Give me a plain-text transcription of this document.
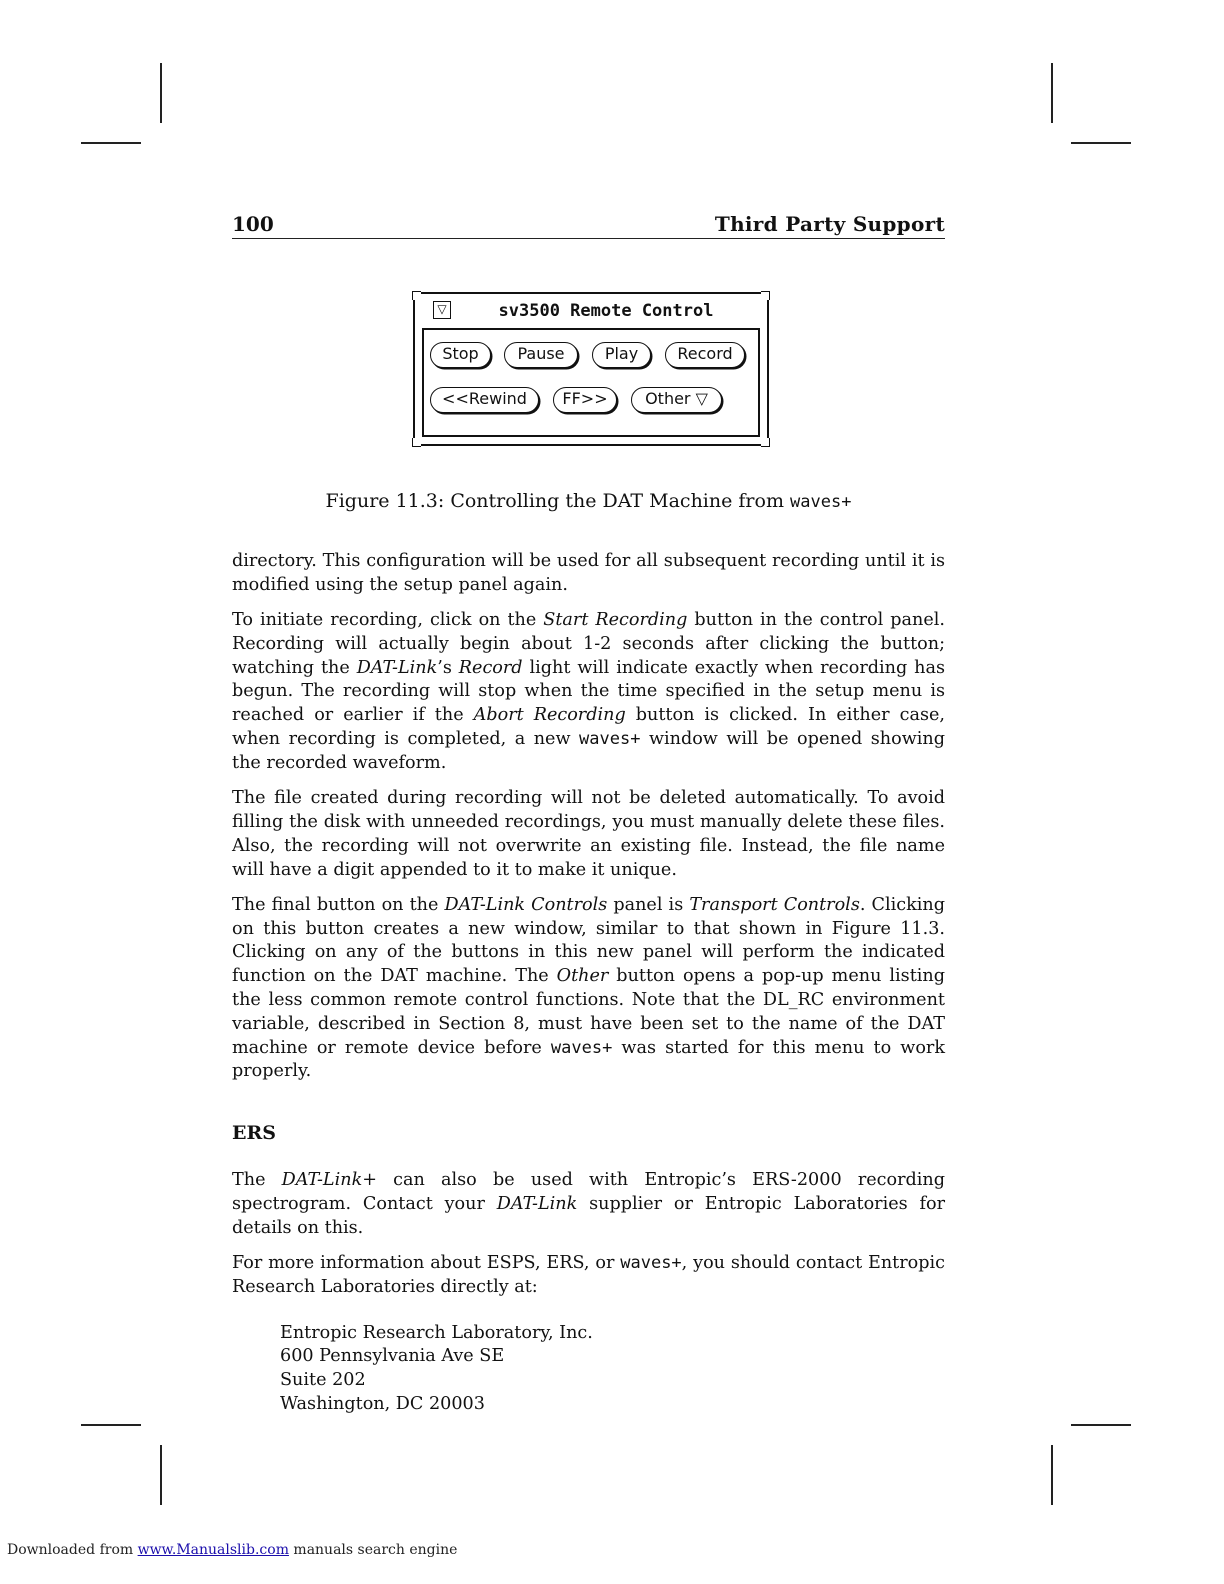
100	Third Party Support
▽	sv3500 Remote Control
Stop	Pause	Play	Record
<<Rewind	FF>>	Other ▽
Figure 11.3: Controlling the DAT Machine from waves+

directory. This configuration will be used for all subsequent recording until it is modified using the setup panel again.

To initiate recording, click on the Start Recording button in the control panel. Recording will actually begin about 1-2 seconds after clicking the button; watching the DAT-Link’s Record light will indicate exactly when recording has begun. The recording will stop when the time specified in the setup menu is reached or earlier if the Abort Recording button is clicked. In either case, when recording is completed, a new waves+ window will be opened showing the recorded waveform.

The file created during recording will not be deleted automatically. To avoid filling the disk with unneeded recordings, you must manually delete these files. Also, the recording will not overwrite an existing file. Instead, the file name will have a digit appended to it to make it unique.

The final button on the DAT-Link Controls panel is Transport Controls. Clicking on this button creates a new window, similar to that shown in Figure 11.3. Clicking on any of the buttons in this new panel will perform the indicated function on the DAT machine. The Other button opens a pop-up menu listing the less common remote control functions. Note that the DL_RC environment variable, described in Section 8, must have been set to the name of the DAT machine or remote device before waves+ was started for this menu to work properly.

ERS

The DAT-Link+ can also be used with Entropic’s ERS-2000 recording spectrogram. Contact your DAT-Link supplier or Entropic Laboratories for details on this.

For more information about ESPS, ERS, or waves+, you should contact Entropic Research Laboratories directly at:

Entropic Research Laboratory, Inc.
600 Pennsylvania Ave SE
Suite 202
Washington, DC 20003
Downloaded from www.Manualslib.com manuals search engine
